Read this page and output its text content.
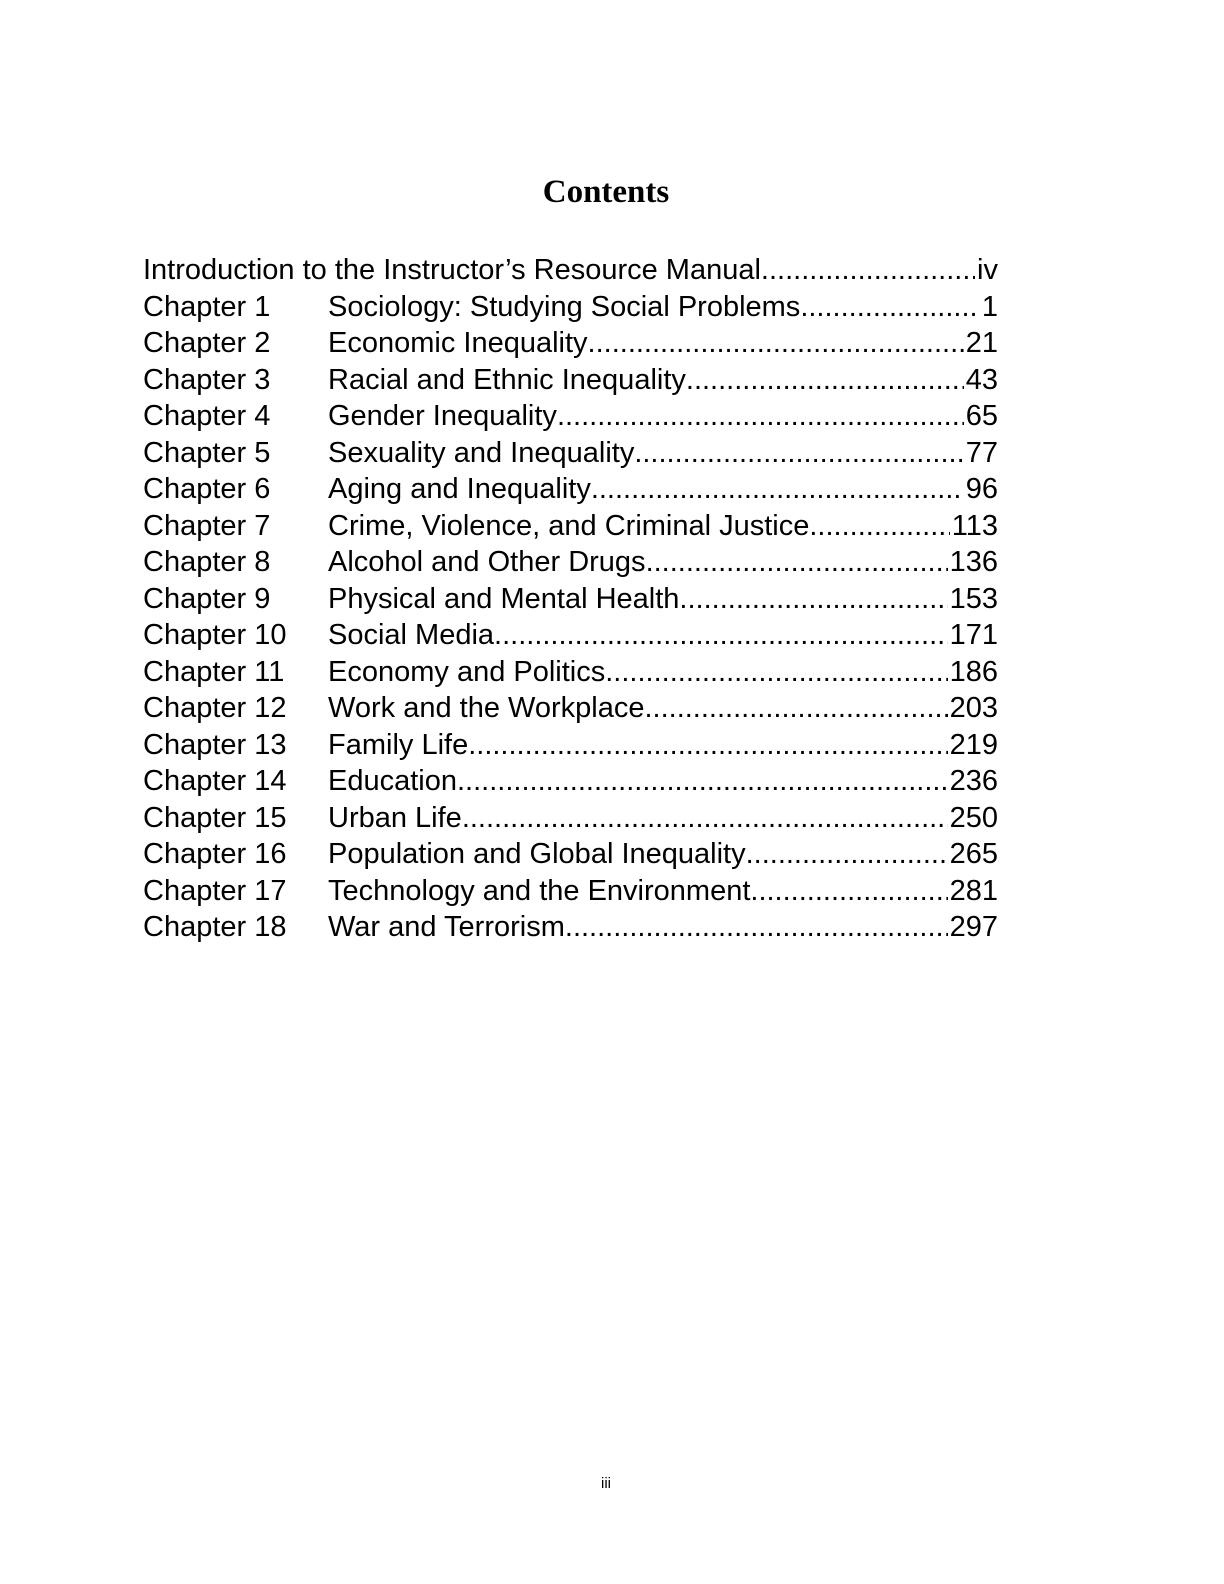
Contents
Introduction to the Instructor’s Resource Manual .....	iv
Chapter 1	Sociology: Studying Social Problems .....	1
Chapter 2	Economic Inequality .....	21
Chapter 3	Racial and Ethnic Inequality .....	43
Chapter 4	Gender Inequality .....	65
Chapter 5	Sexuality and Inequality .....	77
Chapter 6	Aging and Inequality .....	96
Chapter 7	Crime, Violence, and Criminal Justice .....	113
Chapter 8	Alcohol and Other Drugs .....	136
Chapter 9	Physical and Mental Health .....	153
Chapter 10	Social Media .....	171
Chapter 11	Economy and Politics .....	186
Chapter 12	Work and the Workplace .....	203
Chapter 13	Family Life .....	219
Chapter 14	Education .....	236
Chapter 15	Urban Life .....	250
Chapter 16	Population and Global Inequality .....	265
Chapter 17	Technology and the Environment .....	281
Chapter 18	War and Terrorism .....	297
iii
